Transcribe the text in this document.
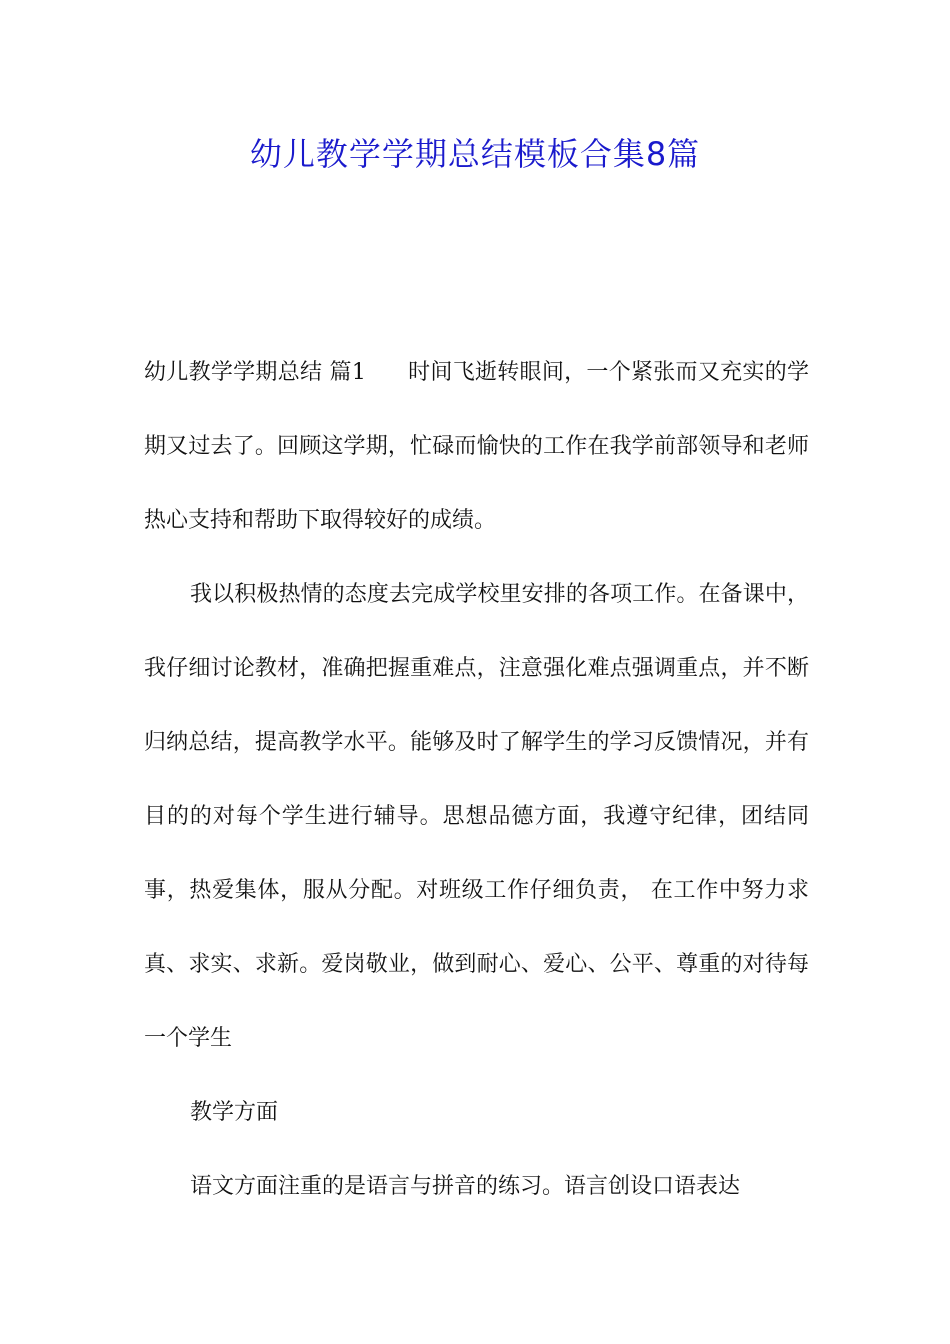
幼儿教学学期总结模板合集8篇

幼儿教学学期总结 篇1 时间飞逝转眼间，一个紧张而又充实的学期又过去了。回顾这学期，忙碌而愉快的工作在我学前部领导和老师热心支持和帮助下取得较好的成绩。

我以积极热情的态度去完成学校里安排的各项工作。在备课中，我仔细讨论教材，准确把握重难点，注意强化难点强调重点，并不断归纳总结，提高教学水平。能够及时了解学生的学习反馈情况，并有目的的对每个学生进行辅导。思想品德方面，我遵守纪律，团结同事，热爱集体，服从分配。对班级工作仔细负责， 在工作中努力求真、求实、求新。爱岗敬业，做到耐心、爱心、公平、尊重的对待每一个学生

教学方面

语文方面注重的是语言与拼音的练习。语言创设口语表达
